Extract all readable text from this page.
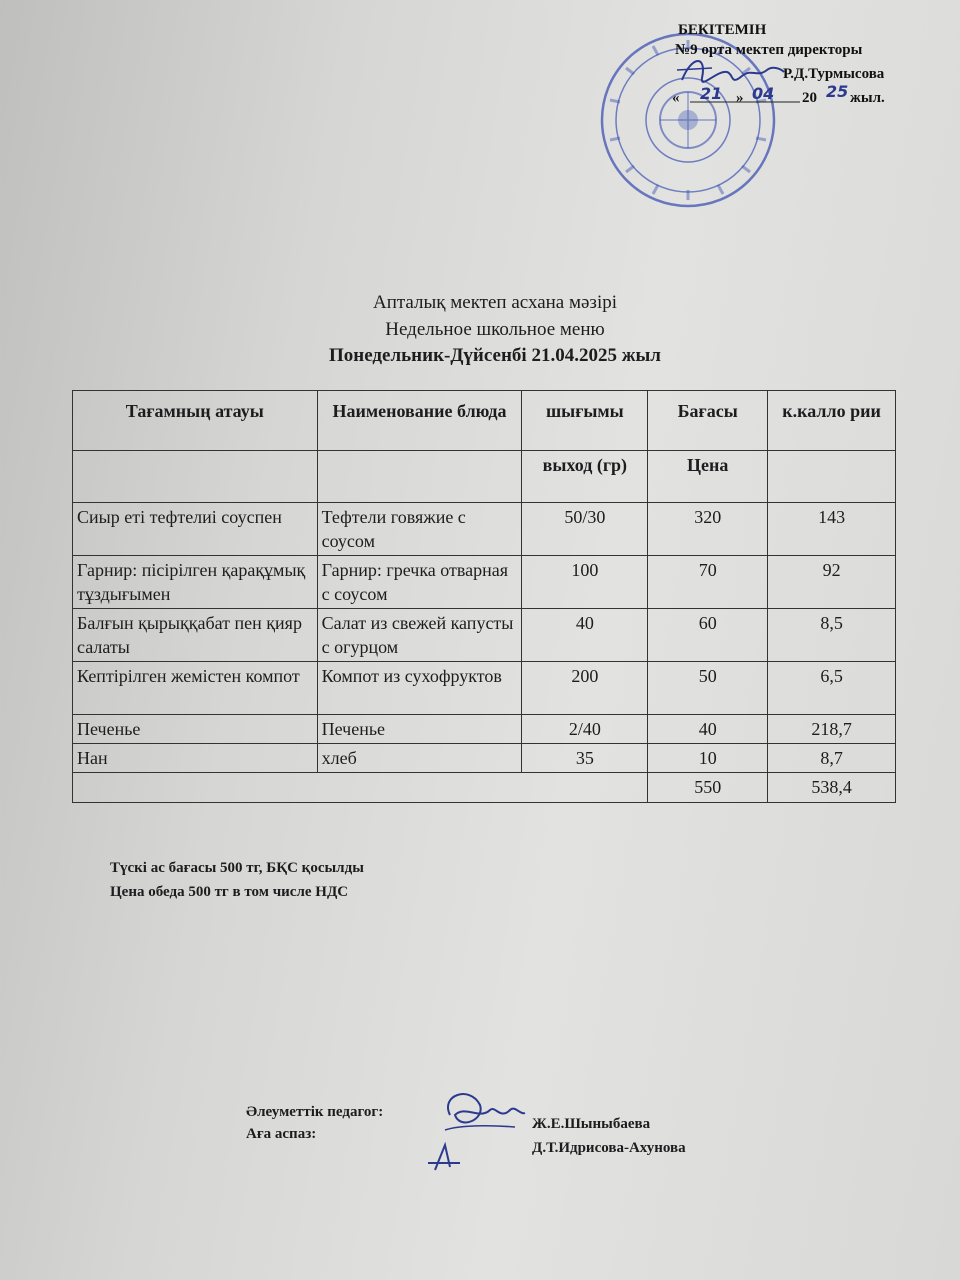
БЕКІТЕМІН
№9 орта мектеп директоры
Р.Д.Турмысова
« 21 » 04 20 25 жыл.
Апталық мектеп асхана мәзірі
Недельное школьное меню
Понедельник-Дүйсенбі 21.04.2025 жыл
Тағамның атауы	Наименование блюда	шығымы	Бағасы	к.калло рии
		выход (гр)	Цена	
Сиыр еті тефтелиі соуспен	Тефтели говяжие с соусом	50/30	320	143
Гарнир: пісірілген қарақұмық тұздығымен	Гарнир: гречка отварная с соусом	100	70	92
Балғын қырыққабат пен қияр салаты	Салат из свежей капусты с огурцом	40	60	8,5
Кептірілген жемістен компот	Компот из сухофруктов	200	50	6,5
Печенье	Печенье	2/40	40	218,7
Нан	хлеб	35	10	8,7
			550	538,4
Түскі ас бағасы 500 тг, БҚС қосылды
Цена обеда 500 тг в том числе НДС
Әлеуметтік педагог:
Аға аспаз:
Ж.Е.Шыныбаева
Д.Т.Идрисова-Ахунова
